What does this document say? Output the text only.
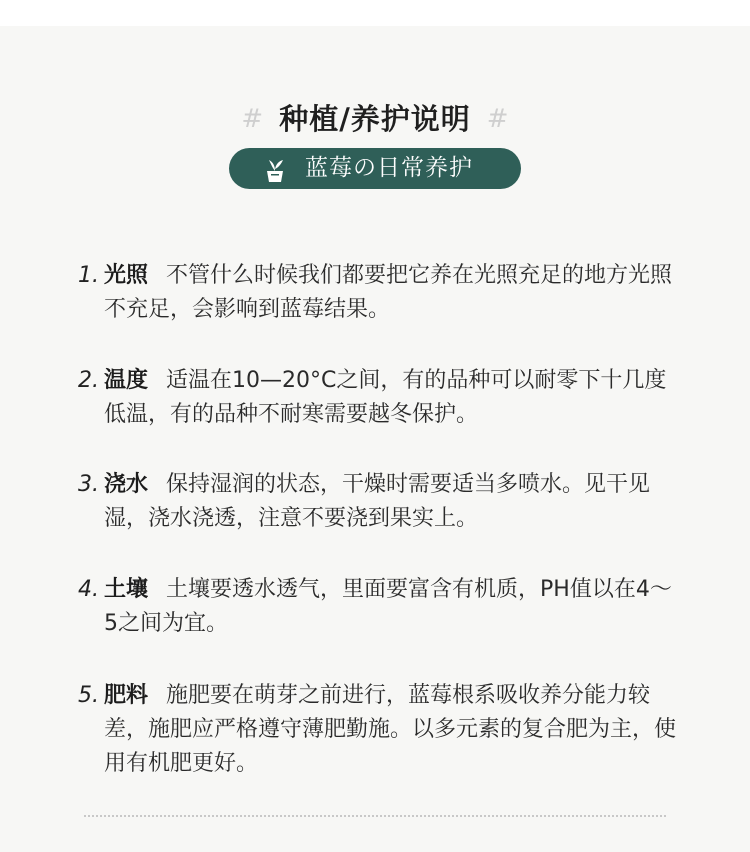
# 种植/养护说明 #
蓝莓の日常养护
1. 光照 不管什么时候我们都要把它养在光照充足的地方光照不充足，会影响到蓝莓结果。
2. 温度 适温在10—20°C之间，有的品种可以耐零下十几度低温，有的品种不耐寒需要越冬保护。
3. 浇水 保持湿润的状态，干燥时需要适当多喷水。见干见湿，浇水浇透，注意不要浇到果实上。
4. 土壤 土壤要透水透气，里面要富含有机质，PH值以在4～5之间为宜。
5. 肥料 施肥要在萌芽之前进行，蓝莓根系吸收养分能力较差，施肥应严格遵守薄肥勤施。以多元素的复合肥为主，使用有机肥更好。
